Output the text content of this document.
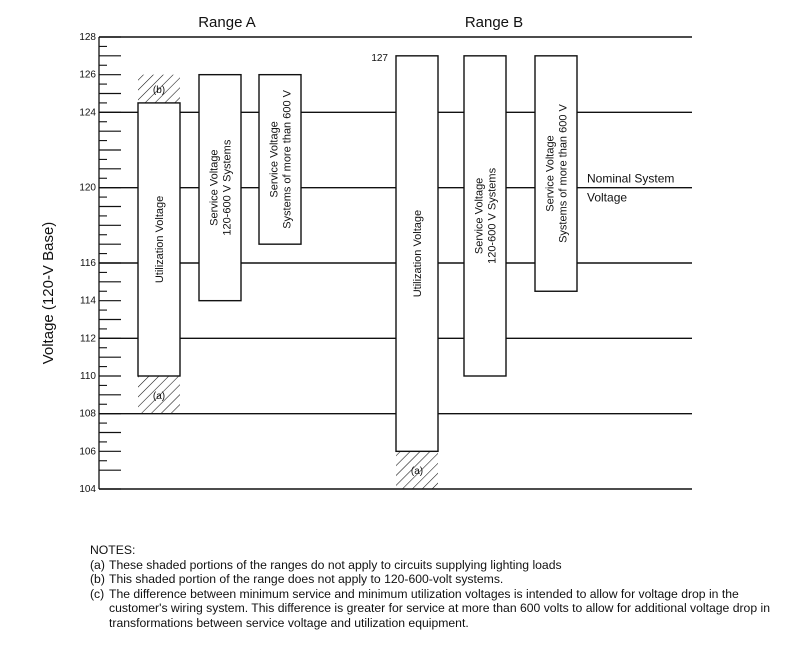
104
106
108
110
112
114
116
120
124
126
128
Voltage (120-V Base)
Range A
(b)
(a)
Utilization Voltage
Service Voltage120-600 V Systems	Service VoltageSystems of more than 600 V
Range B
(a)
Utilization Voltage
127
Service Voltage120-600 V Systems	Service VoltageSystems of more than 600 V Nominal System
Voltage
NOTES:
(a) These shaded portions of the ranges do not apply to circuits supplying lighting loads
(b) This shaded portion of the range does not apply to 120-600-volt systems.
(c) The difference between minimum service and minimum utilization voltages is intended to allow for voltage drop in the customer's wiring system. This difference is greater for service at more than 600 volts to allow for additional voltage drop in transformations between service voltage and utilization equipment.
